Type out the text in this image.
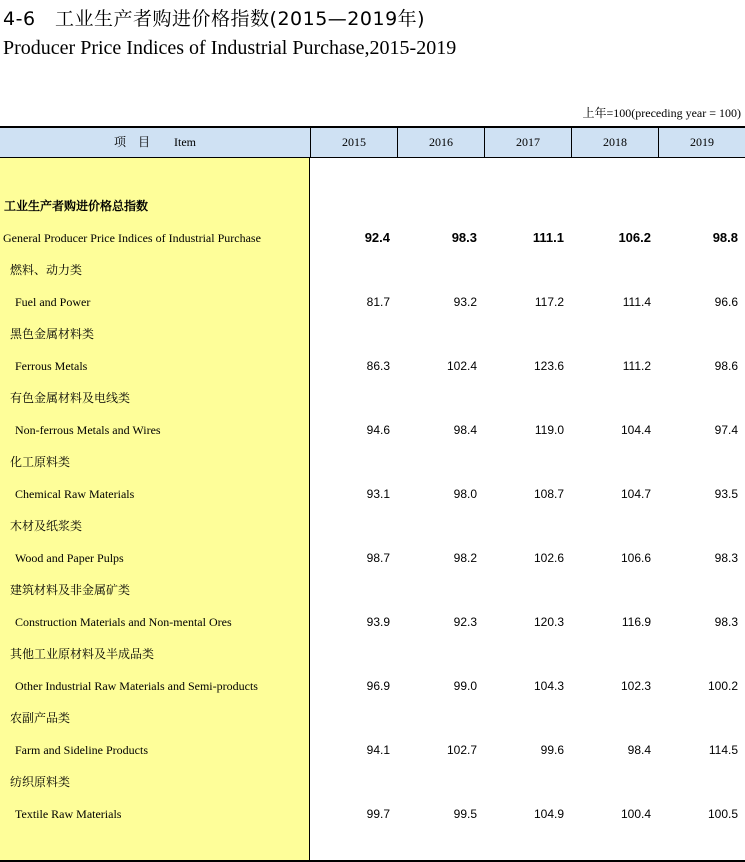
4-6　工业生产者购进价格指数(2015—2019年)
Producer Price Indices of Industrial Purchase,2015-2019
上年=100(preceding year = 100)
项　目　　Item	2015	2016	2017	2018	2019
工业生产者购进价格总指数
General Producer Price Indices of Industrial Purchase	92.4	98.3	111.1	106.2	98.8
燃料、动力类
Fuel and Power	81.7	93.2	117.2	111.4	96.6
黑色金属材料类
Ferrous Metals	86.3	102.4	123.6	111.2	98.6
有色金属材料及电线类
Non-ferrous Metals and Wires	94.6	98.4	119.0	104.4	97.4
化工原料类
Chemical Raw Materials	93.1	98.0	108.7	104.7	93.5
木材及纸浆类
Wood and Paper Pulps	98.7	98.2	102.6	106.6	98.3
建筑材料及非金属矿类
Construction Materials and Non-mental Ores	93.9	92.3	120.3	116.9	98.3
其他工业原材料及半成品类
Other Industrial Raw Materials and Semi-products	96.9	99.0	104.3	102.3	100.2
农副产品类
Farm and Sideline Products	94.1	102.7	99.6	98.4	114.5
纺织原料类
Textile Raw Materials	99.7	99.5	104.9	100.4	100.5
